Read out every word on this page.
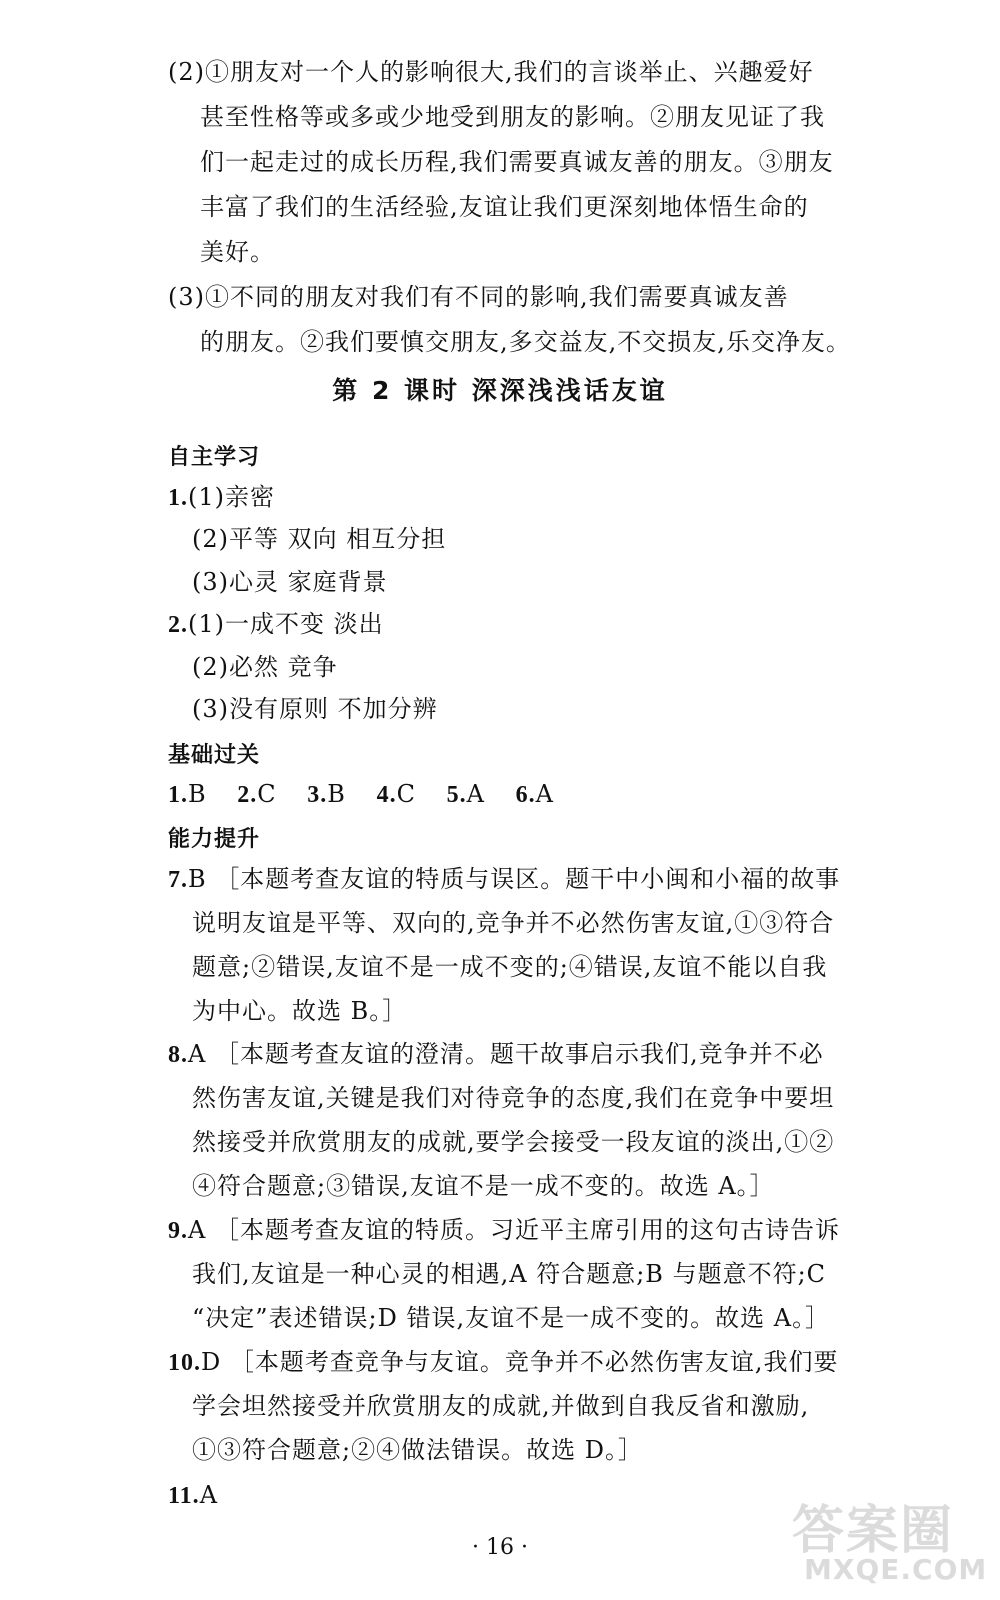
(2)①朋友对一个人的影响很大,我们的言谈举止、兴趣爱好
甚至性格等或多或少地受到朋友的影响。②朋友见证了我
们一起走过的成长历程,我们需要真诚友善的朋友。③朋友
丰富了我们的生活经验,友谊让我们更深刻地体悟生命的
美好。
(3)①不同的朋友对我们有不同的影响,我们需要真诚友善
的朋友。②我们要慎交朋友,多交益友,不交损友,乐交净友。
第 2 课时 深深浅浅话友谊
自主学习
1.(1)亲密
(2)平等 双向 相互分担
(3)心灵 家庭背景
2.(1)一成不变 淡出
(2)必然 竞争
(3)没有原则 不加分辨
基础过关
1.B 2.C 3.B 4.C 5.A 6.A
能力提升
7.B ［本题考查友谊的特质与误区。题干中小闽和小福的故事
说明友谊是平等、双向的,竞争并不必然伤害友谊,①③符合
题意;②错误,友谊不是一成不变的;④错误,友谊不能以自我
为中心。故选 B。］
8.A ［本题考查友谊的澄清。题干故事启示我们,竞争并不必
然伤害友谊,关键是我们对待竞争的态度,我们在竞争中要坦
然接受并欣赏朋友的成就,要学会接受一段友谊的淡出,①②
④符合题意;③错误,友谊不是一成不变的。故选 A。］
9.A ［本题考查友谊的特质。习近平主席引用的这句古诗告诉
我们,友谊是一种心灵的相遇,A 符合题意;B 与题意不符;C
“决定”表述错误;D 错误,友谊不是一成不变的。故选 A。］
10.D ［本题考查竞争与友谊。竞争并不必然伤害友谊,我们要
学会坦然接受并欣赏朋友的成就,并做到自我反省和激励,
①③符合题意;②④做法错误。故选 D。］
11.A
· 16 ·	答案圈
MXQE.COM
